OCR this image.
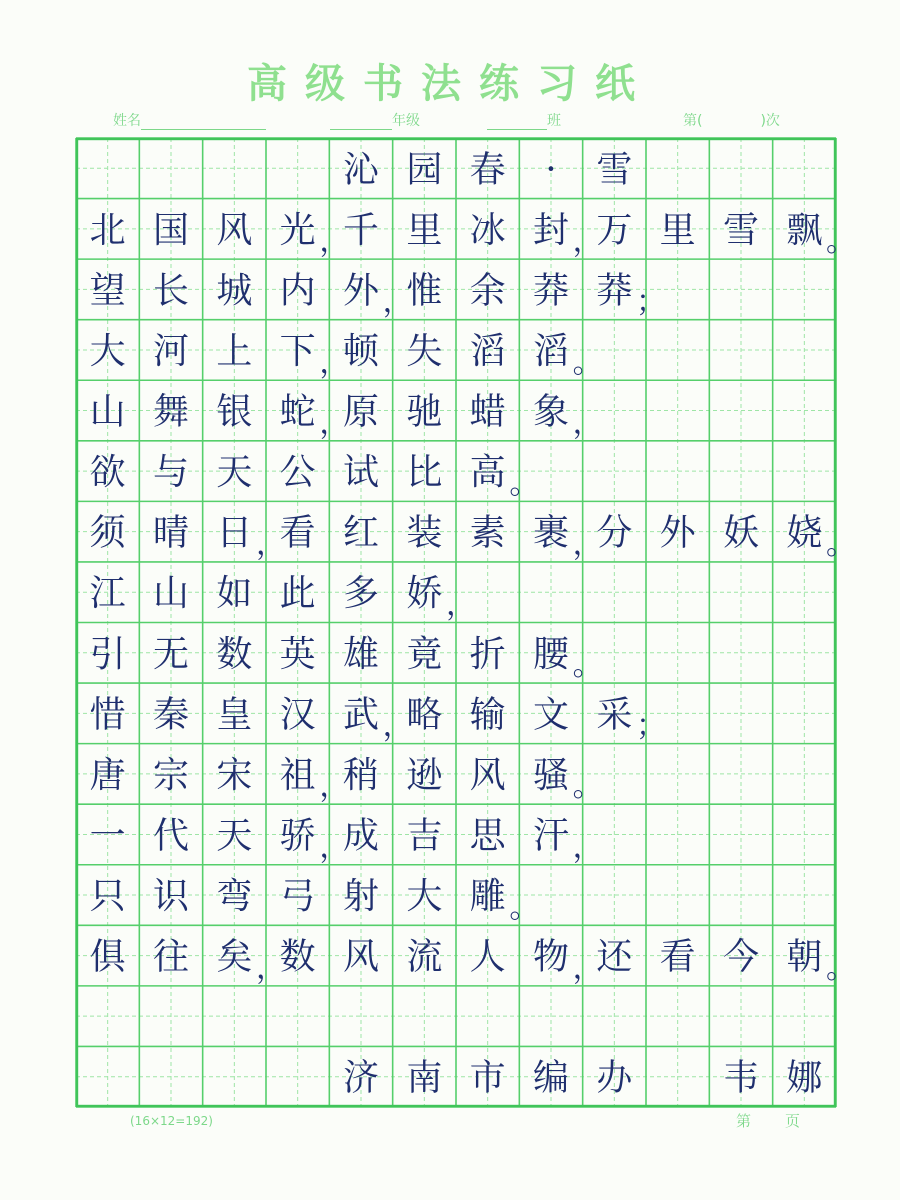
高级书法练习纸
姓名	年级	班	第(	)次
沁 园 春 · 雪
北 国 风 光 ，
千 里 冰 封 ，
万 里 雪 飘 。
望 长 城 内 外 ，
惟 余 莽 莽 ；
大 河 上 下 ，
顿 失 滔 滔 。
山 舞 银 蛇 ，
原 驰 蜡 象 ，
欲 与 天 公 试 比 高 。
须 晴 日 ，
看 红 装 素 裹 ，
分 外 妖 娆 。
江 山 如 此 多 娇 ，
引 无 数 英 雄 竟 折 腰 。
惜 秦 皇 汉 武 ，
略 输 文 采 ；
唐 宗 宋 祖 ，
稍 逊 风 骚 。
一 代 天 骄 ，
成 吉 思 汗 ，
只 识 弯 弓 射 大 雕 。
俱 往 矣 ，
数 风 流 人 物 ，
还 看 今 朝 。
济 南 市 编 办	韦 娜
(16×12=192)	第 页
